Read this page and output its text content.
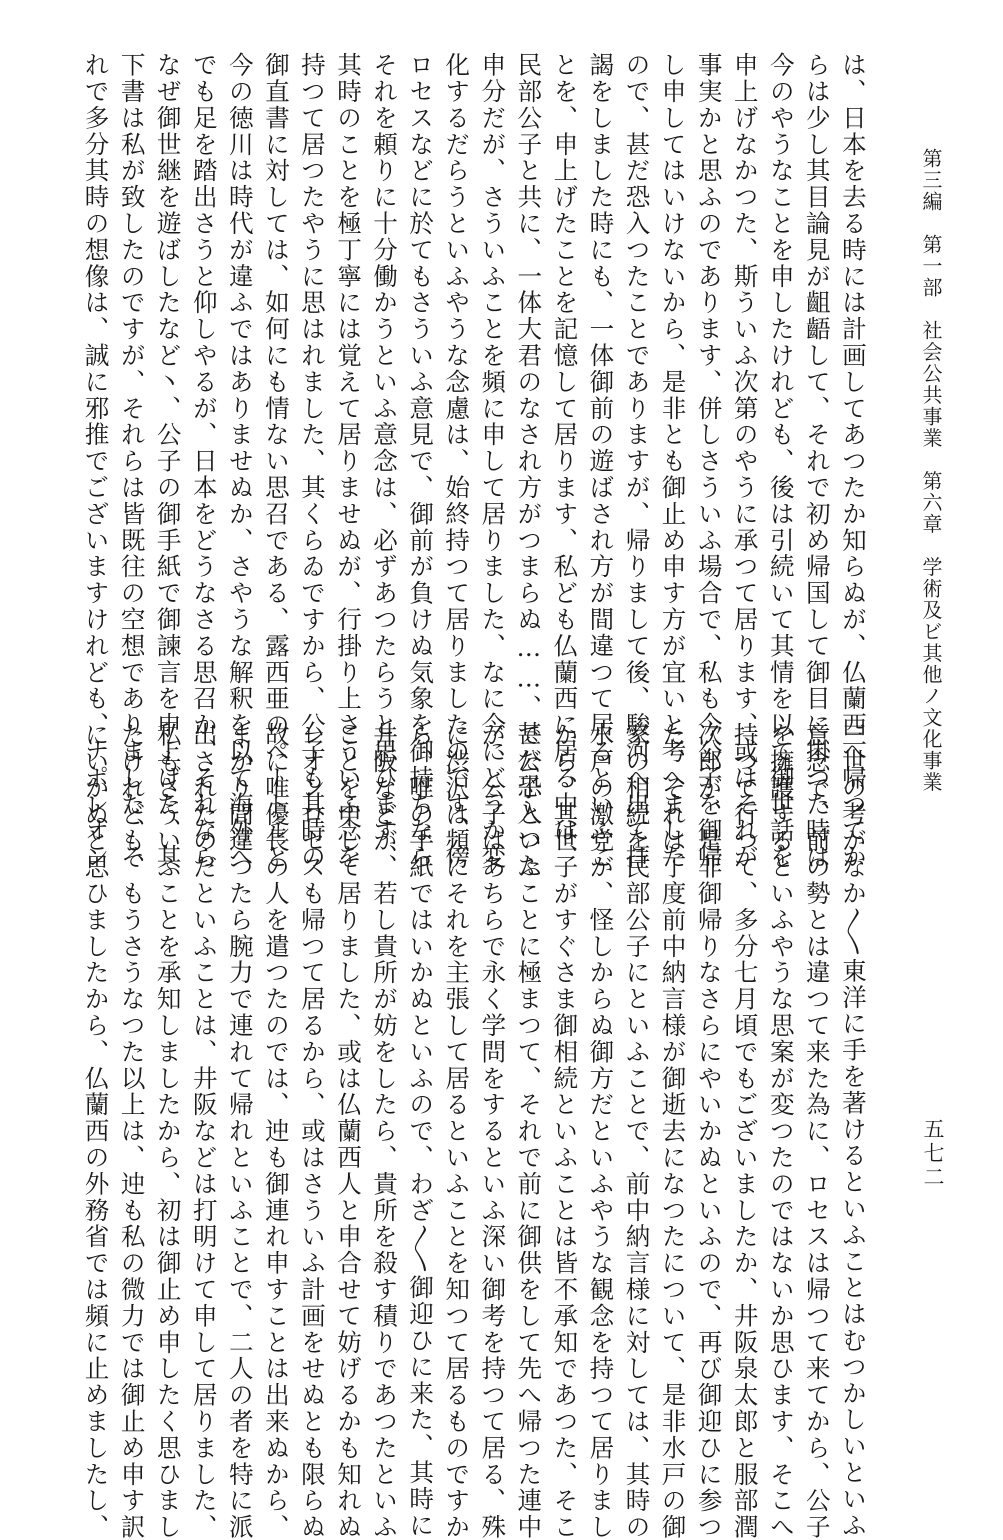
第三編　第一部　社会公共事業　第六章　学術及ビ其他ノ文化事業
五七二
は、日本を去る時には計画してあつたか知らぬが、仏蘭西へ帰つてか
らは少し其目論見が齟齬して、それで初め帰国して御目に掛つた時は
今のやうなことを申したけれども、後は引続いて其情を以て御世話を
申上げなかつた、斯ういふ次第のやうに承つて居ります、或はそれが
事実かと思ふのであります、併しさういふ場合で、私も今公子を御帰
し申してはいけないから、是非とも御止め申す方が宜いと考へました
ので、甚だ恐入つたことでありますが、帰りまして後、駿河へ出て拝
謁をしました時にも、一体御前の遊ばされ方が間違つて居るといふこ
とを、申上げたことを記憶して居ります、私ども仏蘭西に居る中は、
民部公子と共に、一体大君のなされ方がつまらぬ……、甚だ恐入つた
申分だが、さういふことを頻に申して居りました、なに今にどうか変
化するだらうといふやうな念慮は、始終持つて居りましたのです、傍
ロセスなどに於てもさういふ意見で、御前が負けぬ気象を御持ちなら
それを頼りに十分働かうといふ意念は、必ずあつたらうと思ひます、
其時のことを極丁寧には覚えて居りませぬが、行掛り上さういふ念を
持つて居つたやうに思はれました、其くらゐですから、公子も其時の
御直書に対しては、如何にも情ない思召である、露西亜のペートルと
今の徳川は時代が違ふではありませぬか、さやうな解釈を以て海外へ
でも足を踏出さうと仰しやるが、日本をどうなさる思召か、それなら
なぜ御世継を遊ばしたなど丶、公子の御手紙で御諫言を申上げた、其
下書は私が致したのですが、それらは皆既往の空想でありました、そ
れで多分其時の想像は、誠に邪推でございますけれども、ナポレオン
三世の考がなか〳〵東洋に手を著けるといふことはむつかしいといふ
意念で、前の勢とは違つて来た為に、ロセスは帰つて来てから、公子
を擁護するといふやうな思案が変つたのではないか思ひます、そこへ
持つて行つて、多分七月頃でもございましたか、井阪泉太郎と服部潤
次郎が、是非御帰りなさらにやいかぬといふので、再び御迎ひに参つ
た、それは丁度前中納言様が御逝去になつたについて、是非水戸の御
家の相続を民部公子にといふことで、前中納言様に対しては、其時の
水戸の激党が、怪しからぬ御方だといふやうな観念を持つて居りまし
から、其世子がすぐさま御相続といふことは皆不承知であつた、そこ
で公子といふことに極まつて、それで前に御供をして先へ帰つた連中
が、公子はあちらで永く学問をするといふ深い御考を持つて居る、殊
に渋沢は頻にそれを主張して居るといふことを知つて居るものですか
ら、唯の手紙ではいかぬといふので、わざ〳〵御迎ひに来た、其時に
井阪などが、若し貴所が妨をしたら、貴所を殺す積りであつたといふ
ことを申して居りました、或は仏蘭西人と申合せて妨げるかも知れぬ
レオンロセスも帰つて居るから、或はさういふ計画をせぬとも限らぬ
故に唯優長の人を遣つたのでは、迚も御連れ申すことは出来ぬから、
まかり間違つたら腕力で連れて帰れといふことで、二人の者を特に派
出されたのだといふことは、井阪などは打明けて申して居りました、
私もさういふことを承知しましたから、初は御止め申したく思ひまし
たけれども、もうさうなつた以上は、迚も私の微力では御止め申す訳
にいかぬと思ひましたから、仏蘭西の外務省では頻に止めましたし、
